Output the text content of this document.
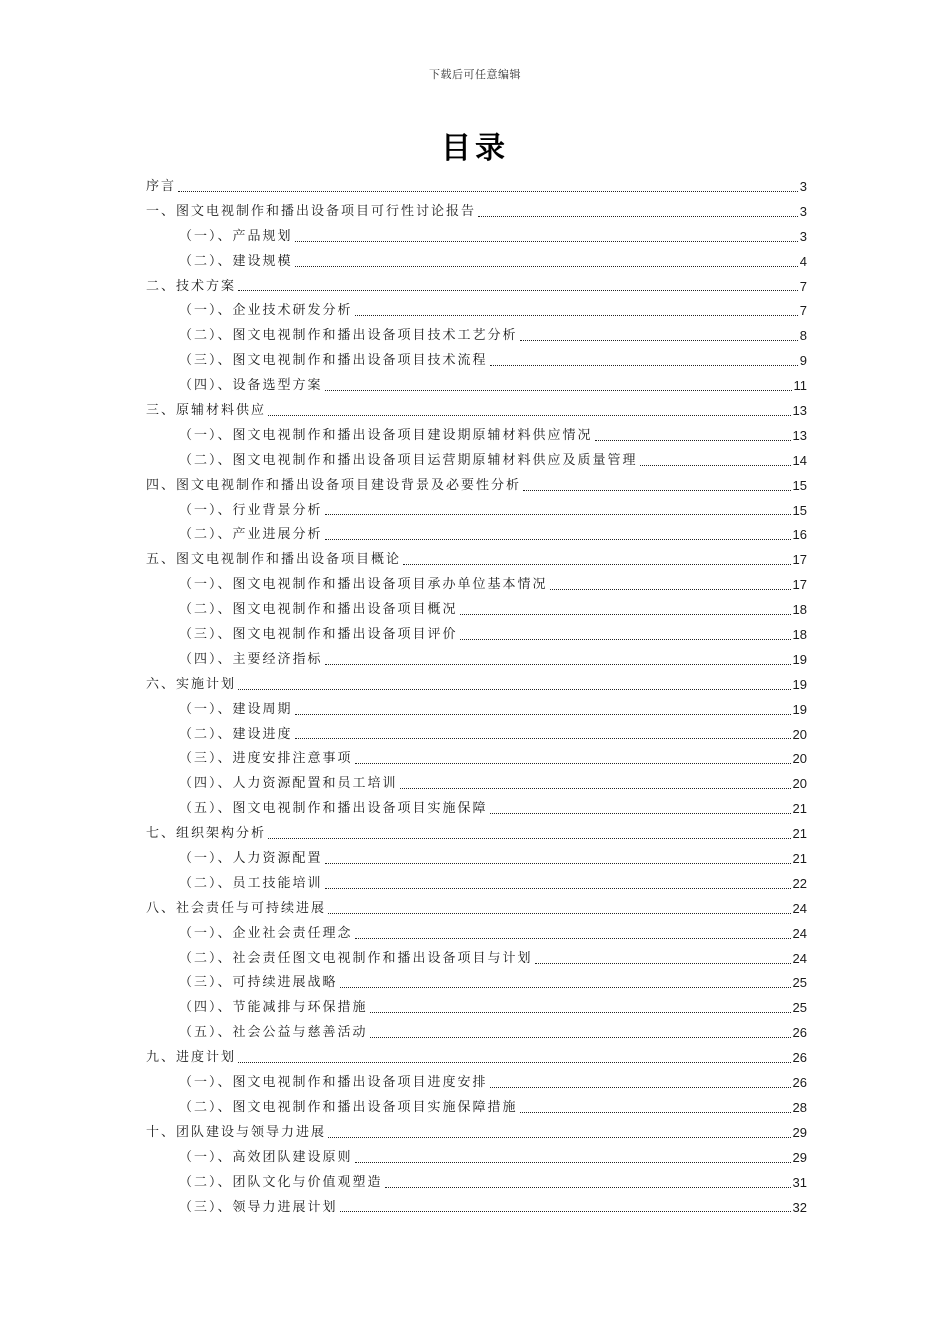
下载后可任意编辑
目录
序言	3
一、图文电视制作和播出设备项目可行性讨论报告	3
（一）、产品规划	3
（二）、建设规模	4
二、技术方案	7
（一）、企业技术研发分析	7
（二）、图文电视制作和播出设备项目技术工艺分析	8
（三）、图文电视制作和播出设备项目技术流程	9
（四）、设备选型方案	11
三、原辅材料供应	13
（一）、图文电视制作和播出设备项目建设期原辅材料供应情况	13
（二）、图文电视制作和播出设备项目运营期原辅材料供应及质量管理	14
四、图文电视制作和播出设备项目建设背景及必要性分析	15
（一）、行业背景分析	15
（二）、产业进展分析	16
五、图文电视制作和播出设备项目概论	17
（一）、图文电视制作和播出设备项目承办单位基本情况	17
（二）、图文电视制作和播出设备项目概况	18
（三）、图文电视制作和播出设备项目评价	18
（四）、主要经济指标	19
六、实施计划	19
（一）、建设周期	19
（二）、建设进度	20
（三）、进度安排注意事项	20
（四）、人力资源配置和员工培训	20
（五）、图文电视制作和播出设备项目实施保障	21
七、组织架构分析	21
（一）、人力资源配置	21
（二）、员工技能培训	22
八、社会责任与可持续进展	24
（一）、企业社会责任理念	24
（二）、社会责任图文电视制作和播出设备项目与计划	24
（三）、可持续进展战略	25
（四）、节能减排与环保措施	25
（五）、社会公益与慈善活动	26
九、进度计划	26
（一）、图文电视制作和播出设备项目进度安排	26
（二）、图文电视制作和播出设备项目实施保障措施	28
十、团队建设与领导力进展	29
（一）、高效团队建设原则	29
（二）、团队文化与价值观塑造	31
（三）、领导力进展计划	32
